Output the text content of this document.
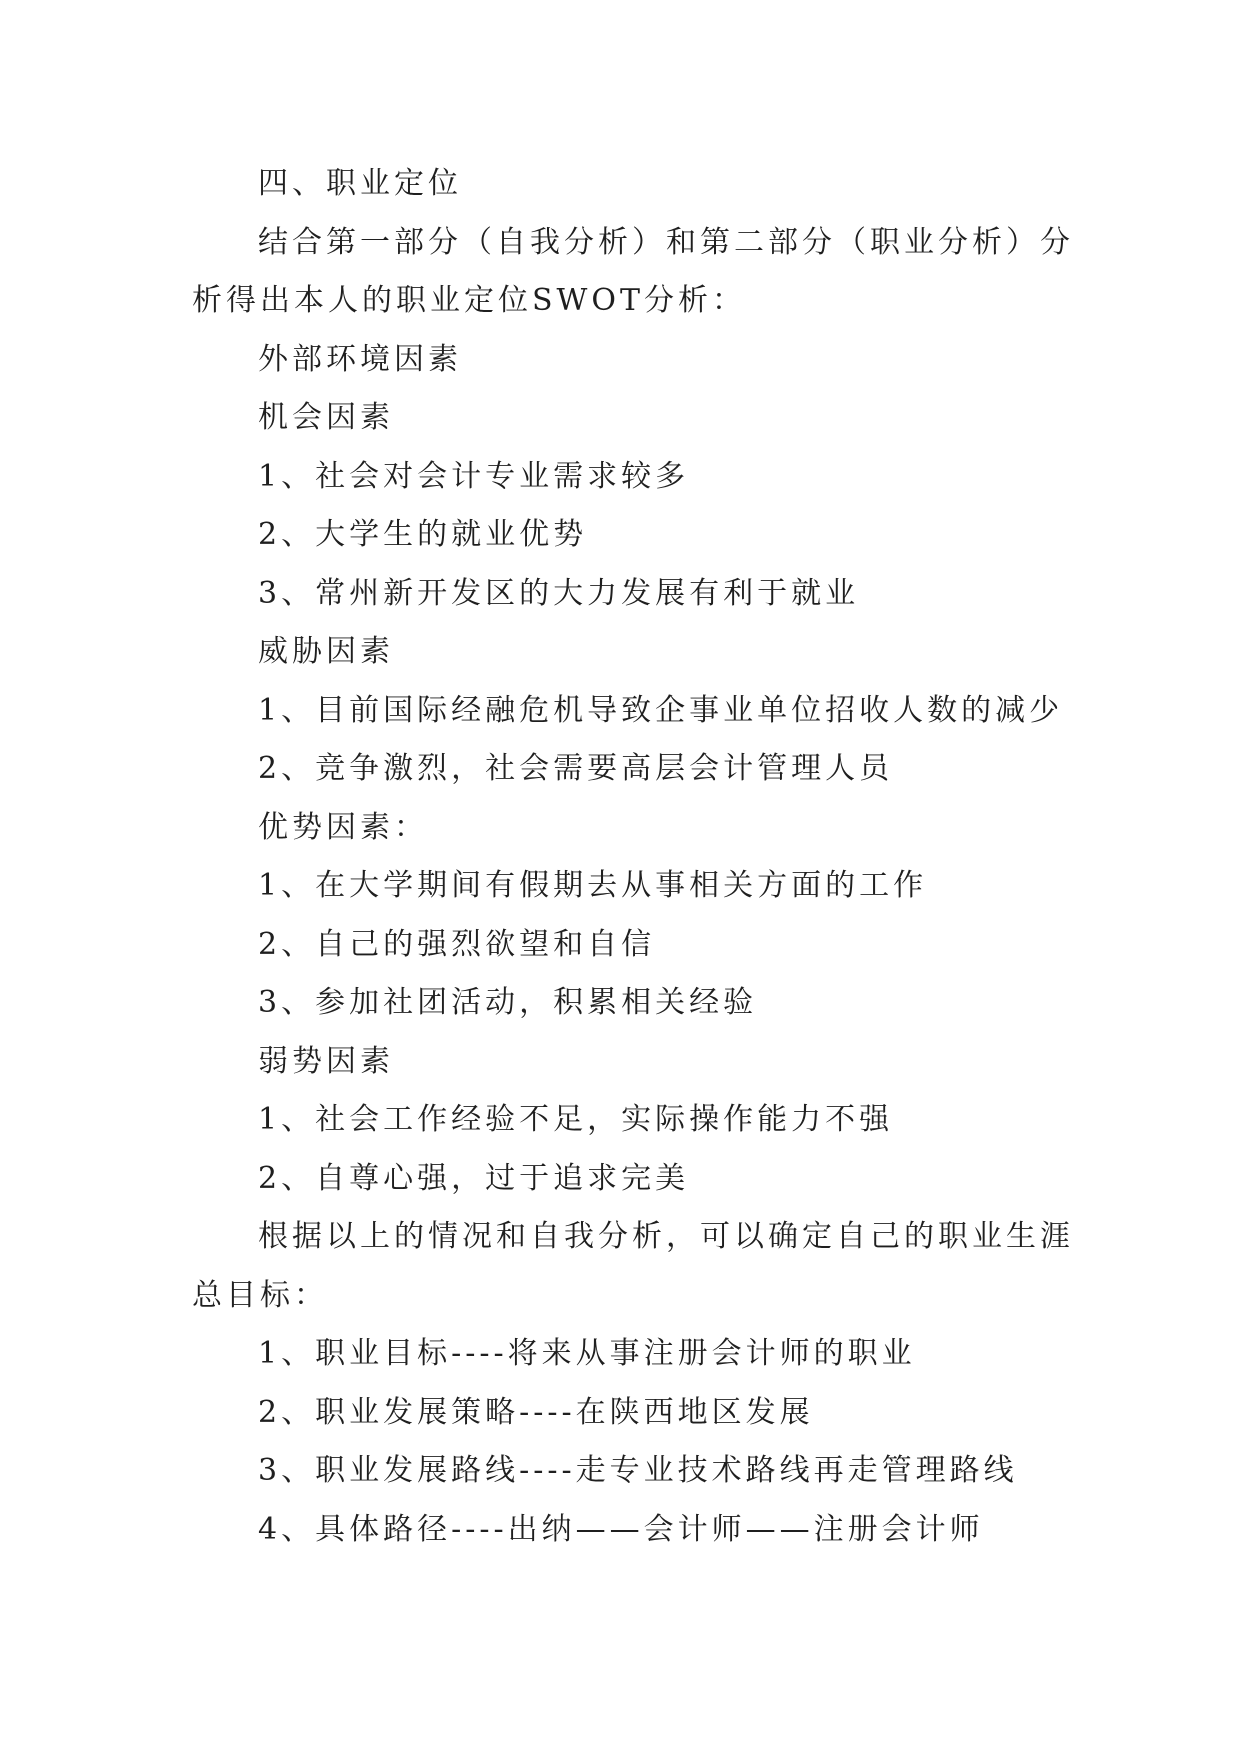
四、职业定位
结合第一部分（自我分析）和第二部分（职业分析）分
析得出本人的职业定位SWOT分析：
外部环境因素
机会因素
1、社会对会计专业需求较多
2、大学生的就业优势
3、常州新开发区的大力发展有利于就业
威胁因素
1、目前国际经融危机导致企事业单位招收人数的减少
2、竞争激烈，社会需要高层会计管理人员
优势因素：
1、在大学期间有假期去从事相关方面的工作
2、自己的强烈欲望和自信
3、参加社团活动，积累相关经验
弱势因素
1、社会工作经验不足，实际操作能力不强
2、自尊心强，过于追求完美
根据以上的情况和自我分析，可以确定自己的职业生涯
总目标：
1、职业目标----将来从事注册会计师的职业
2、职业发展策略----在陕西地区发展
3、职业发展路线----走专业技术路线再走管理路线
4、具体路径----出纳——会计师——注册会计师
